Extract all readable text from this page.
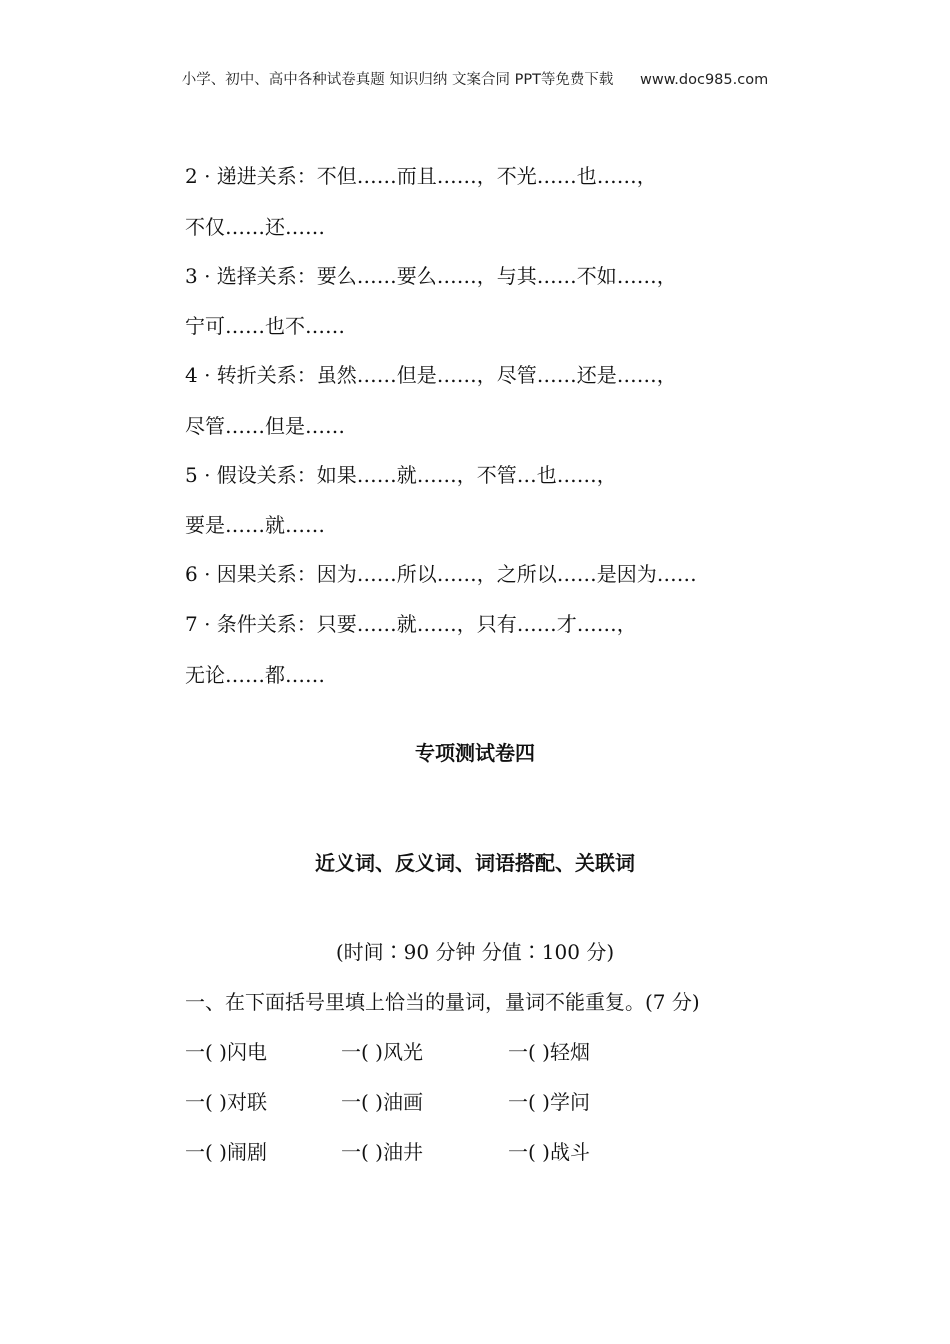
小学、初中、高中各种试卷真题 知识归纳 文案合同 PPT等免费下载 www.doc985.com
2 · 递进关系：不但……而且……，不光……也……，
不仅……还……
3 · 选择关系：要么……要么……，与其……不如……，
宁可……也不……
4 · 转折关系：虽然……但是……，尽管……还是……，
尽管……但是……
5 · 假设关系：如果……就……，不管…也……，
要是……就……
6 · 因果关系：因为……所以……，之所以……是因为……
7 · 条件关系：只要……就……，只有……才……，
无论……都……
专项测试卷四
近义词、反义词、词语搭配、关联词
(时间∶90 分钟 分值∶100 分)
一、在下面括号里填上恰当的量词，量词不能重复。(7 分)
一( )闪电	一( )风光	一( )轻烟
一( )对联	一( )油画	一( )学问
一( )闹剧	一( )油井	一( )战斗
